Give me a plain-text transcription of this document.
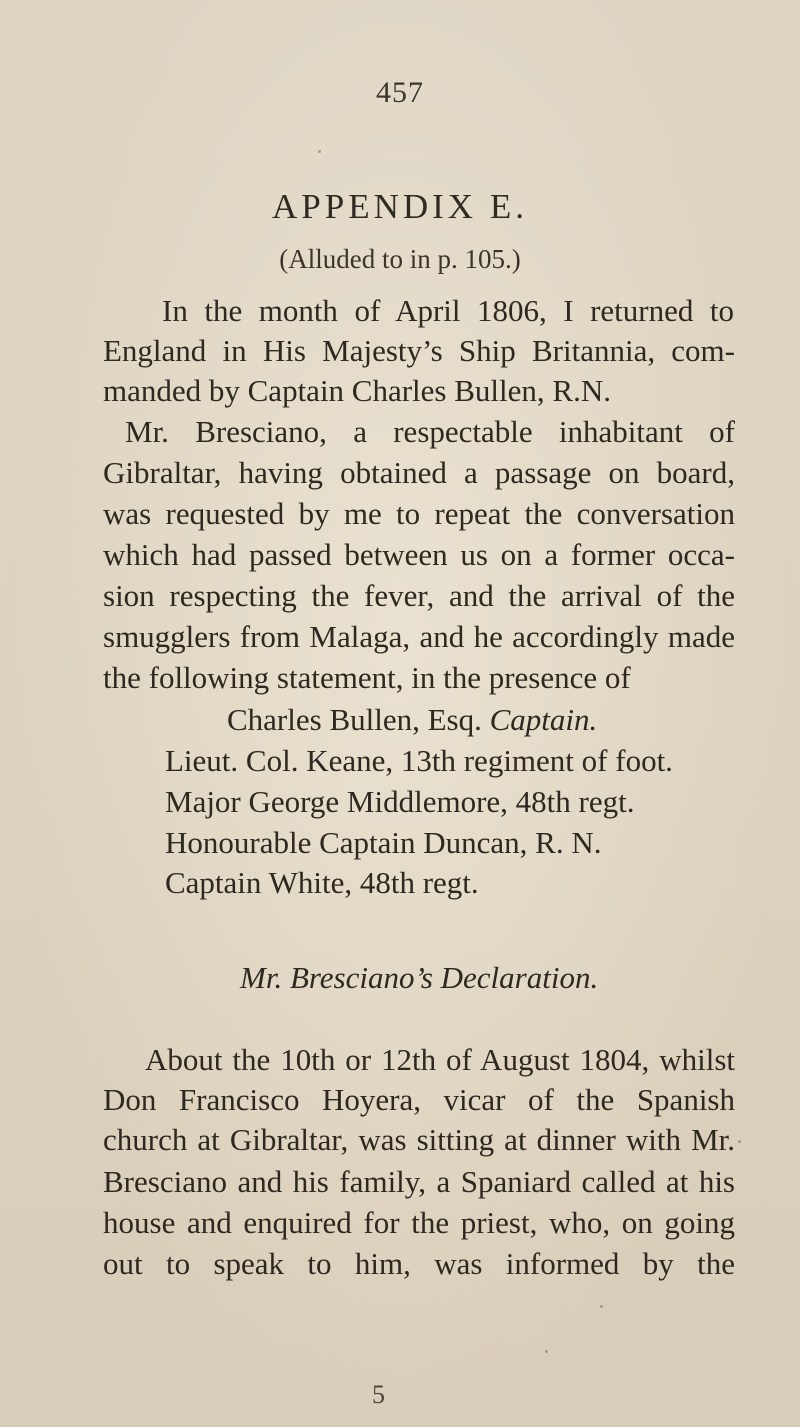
457
APPENDIX E.
(Alluded to in p. 105.)
In the month of April 1806, I returned to
England in His Majesty’s Ship Britannia, com-
manded by Captain Charles Bullen, R.N.
Mr. Bresciano, a respectable inhabitant of
Gibraltar, having obtained a passage on board,
was requested by me to repeat the conversation
which had passed between us on a former occa-
sion respecting the fever, and the arrival of the
smugglers from Malaga, and he accordingly made
the following statement, in the presence of
Charles Bullen, Esq. Captain.
Lieut. Col. Keane, 13th regiment of foot.
Major George Middlemore, 48th regt.
Honourable Captain Duncan, R. N.
Captain White, 48th regt.
Mr. Bresciano’s Declaration.
About the 10th or 12th of August 1804, whilst
Don Francisco Hoyera, vicar of the Spanish
church at Gibraltar, was sitting at dinner with Mr.
Bresciano and his family, a Spaniard called at his
house and enquired for the priest, who, on going
out to speak to him, was informed by the
5
